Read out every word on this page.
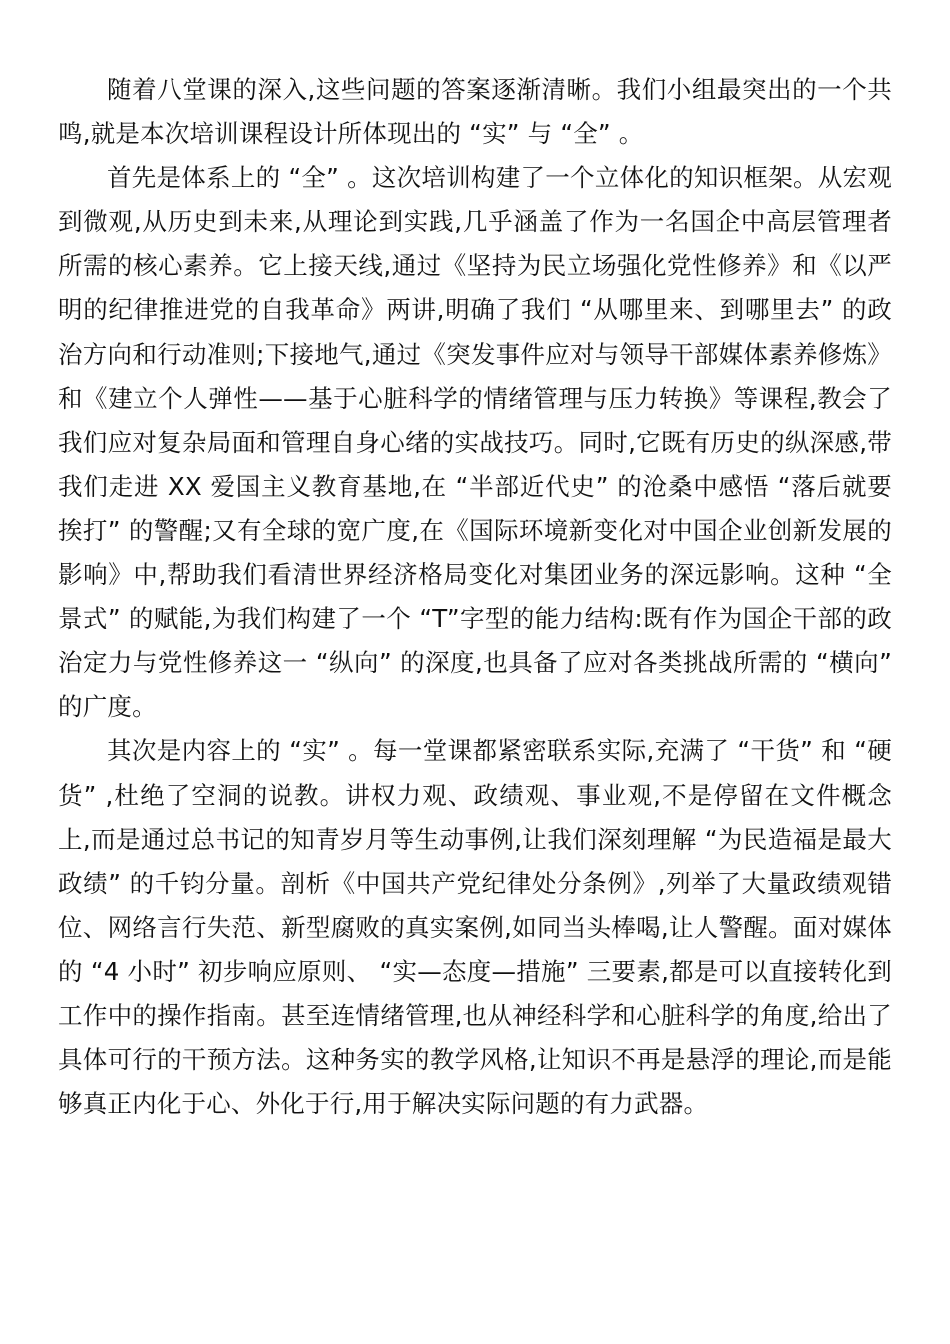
随着八堂课的深入,这些问题的答案逐渐清晰。我们小组最突出的一个共鸣,就是本次培训课程设计所体现出的 “实” 与 “全” 。

首先是体系上的 “全” 。这次培训构建了一个立体化的知识框架。从宏观到微观,从历史到未来,从理论到实践,几乎涵盖了作为一名国企中高层管理者所需的核心素养。它上接天线,通过《坚持为民立场强化党性修养》和《以严明的纪律推进党的自我革命》两讲,明确了我们 “从哪里来、到哪里去” 的政治方向和行动准则;下接地气,通过《突发事件应对与领导干部媒体素养修炼》和《建立个人弹性——基于心脏科学的情绪管理与压力转换》等课程,教会了我们应对复杂局面和管理自身心绪的实战技巧。同时,它既有历史的纵深感,带我们走进 XX 爱国主义教育基地,在 “半部近代史” 的沧桑中感悟 “落后就要挨打” 的警醒;又有全球的宽广度,在《国际环境新变化对中国企业创新发展的影响》中,帮助我们看清世界经济格局变化对集团业务的深远影响。这种 “全景式” 的赋能,为我们构建了一个 “T”字型的能力结构:既有作为国企干部的政治定力与党性修养这一 “纵向” 的深度,也具备了应对各类挑战所需的 “横向” 的广度。

其次是内容上的 “实” 。每一堂课都紧密联系实际,充满了 “干货” 和 “硬货” ,杜绝了空洞的说教。讲权力观、政绩观、事业观,不是停留在文件概念上,而是通过总书记的知青岁月等生动事例,让我们深刻理解 “为民造福是最大政绩” 的千钧分量。剖析《中国共产党纪律处分条例》,列举了大量政绩观错位、网络言行失范、新型腐败的真实案例,如同当头棒喝,让人警醒。面对媒体的 “4 小时” 初步响应原则、 “实—态度—措施” 三要素,都是可以直接转化到工作中的操作指南。甚至连情绪管理,也从神经科学和心脏科学的角度,给出了具体可行的干预方法。这种务实的教学风格,让知识不再是悬浮的理论,而是能够真正内化于心、外化于行,用于解决实际问题的有力武器。
